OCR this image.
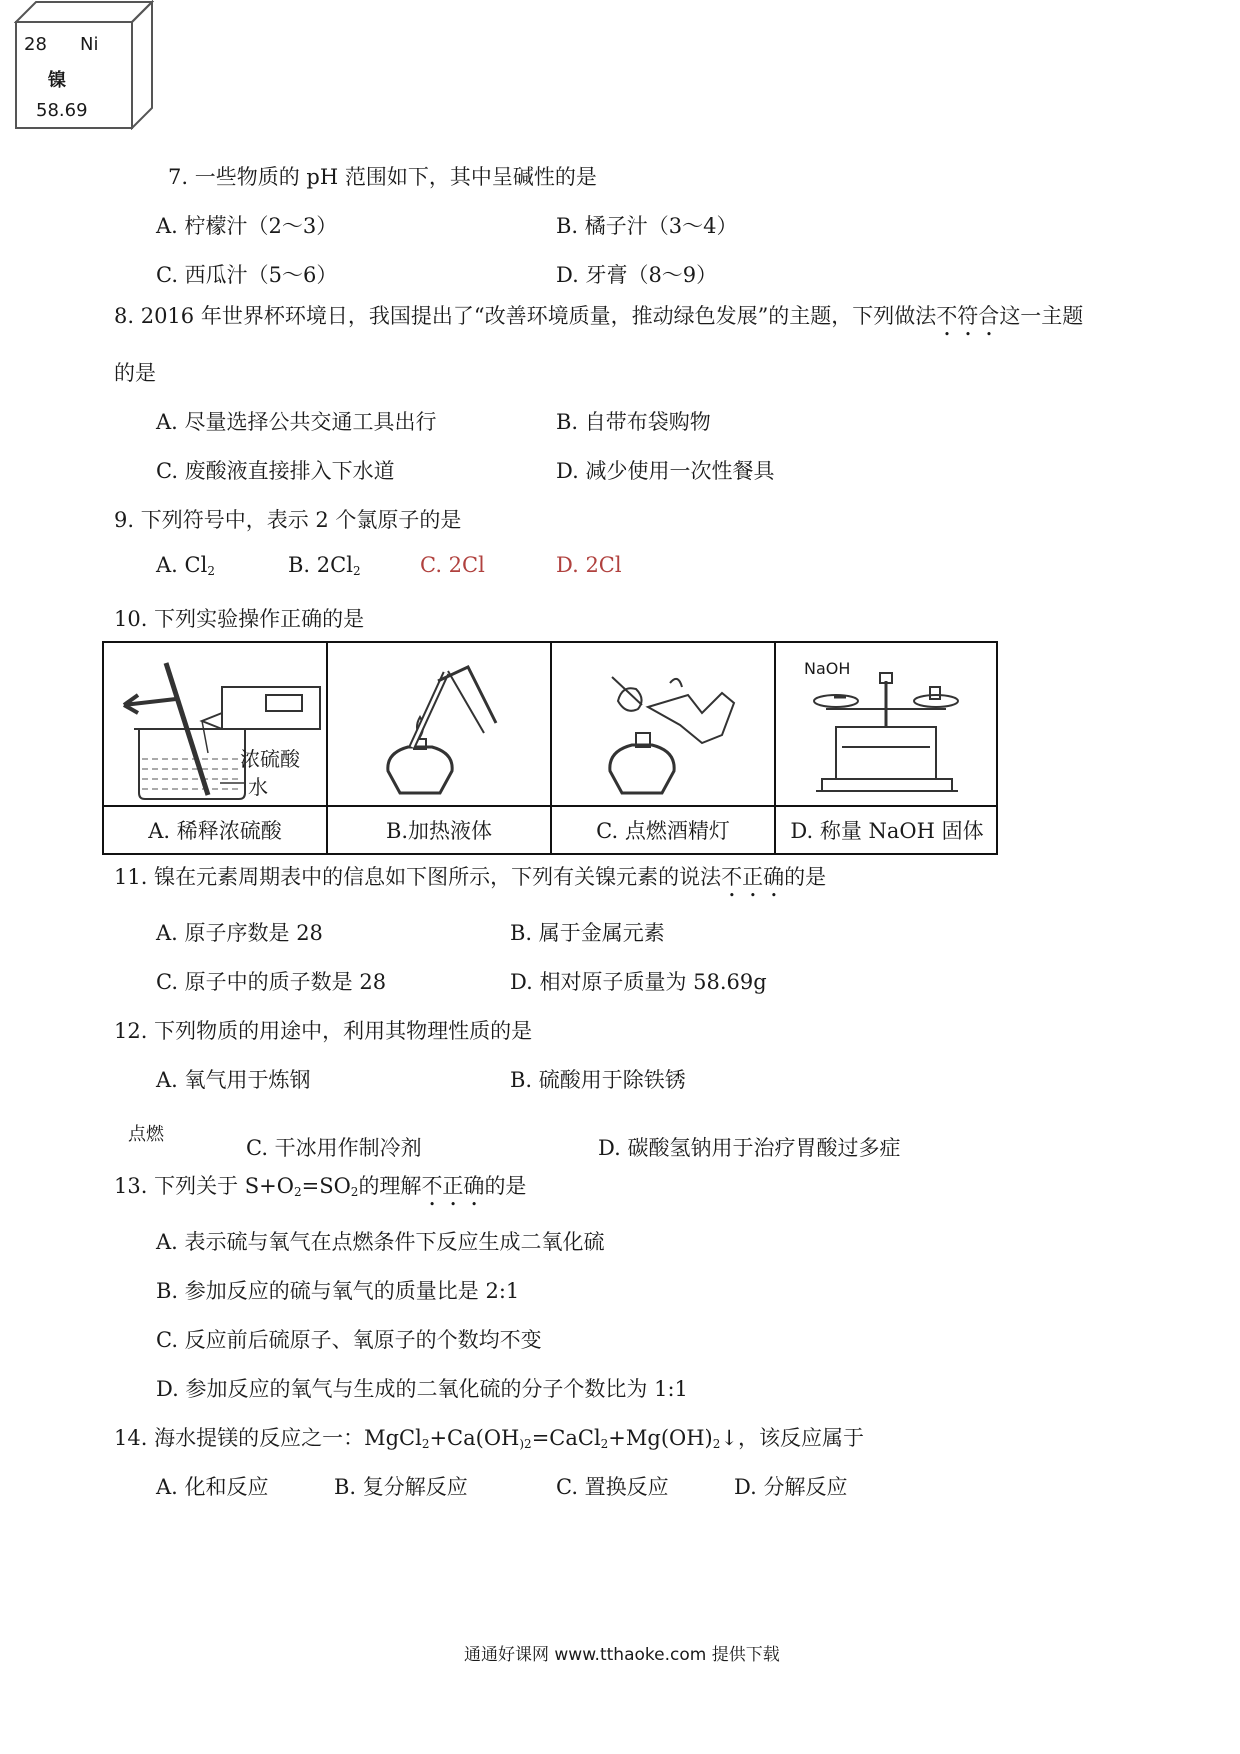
28 Ni
镍
58.69
7. 一些物质的 pH 范围如下，其中呈碱性的是
A. 柠檬汁（2～3）	B. 橘子汁（3～4）
C. 西瓜汁（5～6）	D. 牙膏（8～9）
8. 2016 年世界杯环境日，我国提出了“改善环境质量，推动绿色发展”的主题，下列做法不符合这一主题
的是
A. 尽量选择公共交通工具出行	B. 自带布袋购物
C. 废酸液直接排入下水道	D. 减少使用一次性餐具
9. 下列符号中，表示 2 个氯原子的是
A. $Cl_2$	B. $2Cl_2$	C. 2Cl	D. 2Cl
10. 下列实验操作正确的是
浓硫酸
水
NaOH
A. 稀释浓硫酸	B.加热液体	C. 点燃酒精灯	D. 称量 NaOH 固体
11. 镍在元素周期表中的信息如下图所示，下列有关镍元素的说法不正确的是
A. 原子序数是 28	B. 属于金属元素
C. 原子中的质子数是 28	D. 相对原子质量为 58.69g
12. 下列物质的用途中，利用其物理性质的是
A. 氧气用于炼钢	B. 硫酸用于除铁锈
点燃
C. 干冰用作制冷剂	D. 碳酸氢钠用于治疗胃酸过多症
13. 下列关于 $S+O_2=SO_2$的理解不正确的是
A. 表示硫与氧气在点燃条件下反应生成二氧化硫
B. 参加反应的硫与氧气的质量比是 2:1
C. 反应前后硫原子、氧原子的个数均不变
D. 参加反应的氧气与生成的二氧化硫的分子个数比为 1:1
14. 海水提镁的反应之一：$MgCl_2+Ca(OH_{)2}=CaCl_2+Mg(OH)_2↓$，该反应属于
A. 化和反应	B. 复分解反应	C. 置换反应	D. 分解反应
通通好课网 www.tthaoke.com 提供下载
